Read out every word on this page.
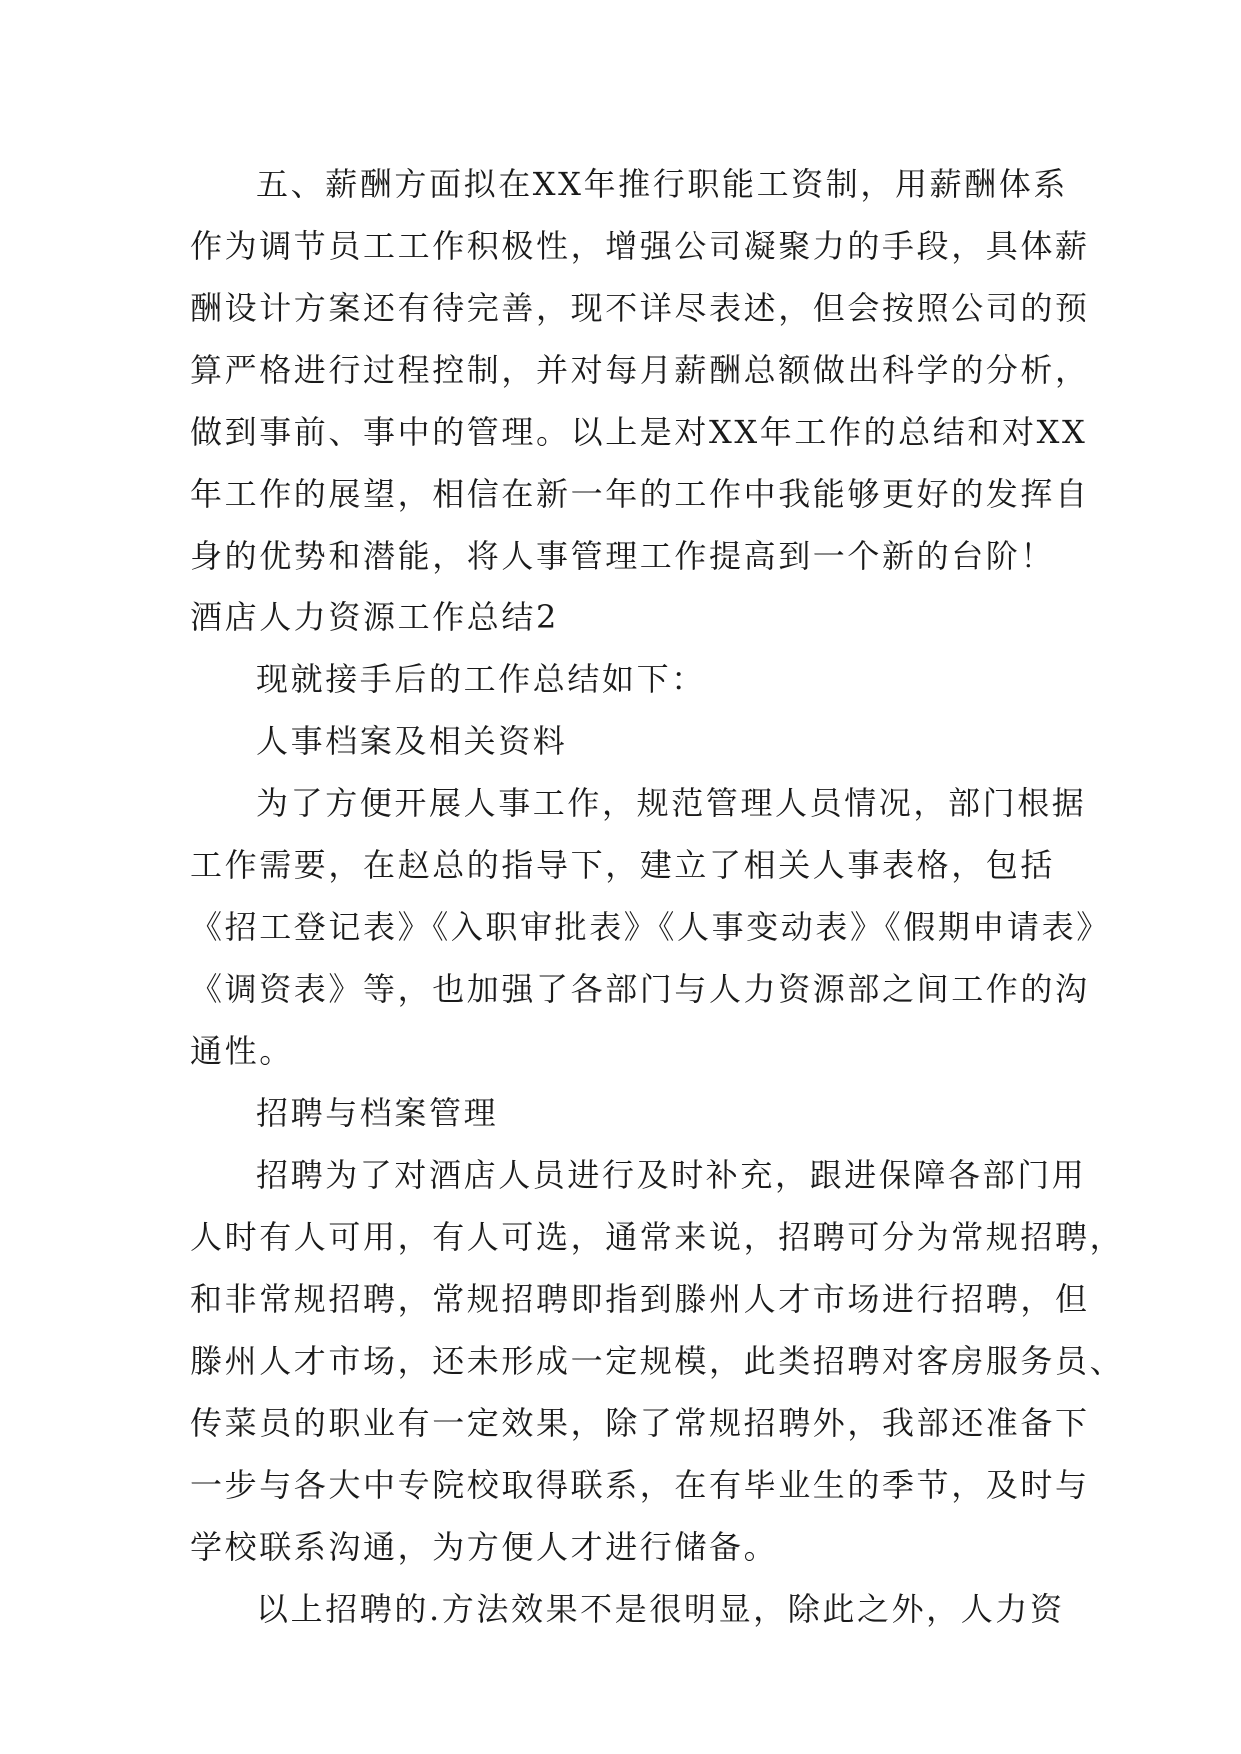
五、薪酬方面拟在XX年推行职能工资制，用薪酬体系
作为调节员工工作积极性，增强公司凝聚力的手段，具体薪
酬设计方案还有待完善，现不详尽表述，但会按照公司的预
算严格进行过程控制，并对每月薪酬总额做出科学的分析，
做到事前、事中的管理。以上是对XX年工作的总结和对XX
年工作的展望，相信在新一年的工作中我能够更好的发挥自
身的优势和潜能，将人事管理工作提高到一个新的台阶！
酒店人力资源工作总结2
现就接手后的工作总结如下：
人事档案及相关资料
为了方便开展人事工作，规范管理人员情况，部门根据
工作需要，在赵总的指导下，建立了相关人事表格，包括
《招工登记表》《入职审批表》《人事变动表》《假期申请表》
《调资表》等，也加强了各部门与人力资源部之间工作的沟
通性。
招聘与档案管理
招聘为了对酒店人员进行及时补充，跟进保障各部门用
人时有人可用，有人可选，通常来说，招聘可分为常规招聘，
和非常规招聘，常规招聘即指到滕州人才市场进行招聘，但
滕州人才市场，还未形成一定规模，此类招聘对客房服务员、
传菜员的职业有一定效果，除了常规招聘外，我部还准备下
一步与各大中专院校取得联系，在有毕业生的季节，及时与
学校联系沟通，为方便人才进行储备。
以上招聘的.方法效果不是很明显，除此之外，人力资
